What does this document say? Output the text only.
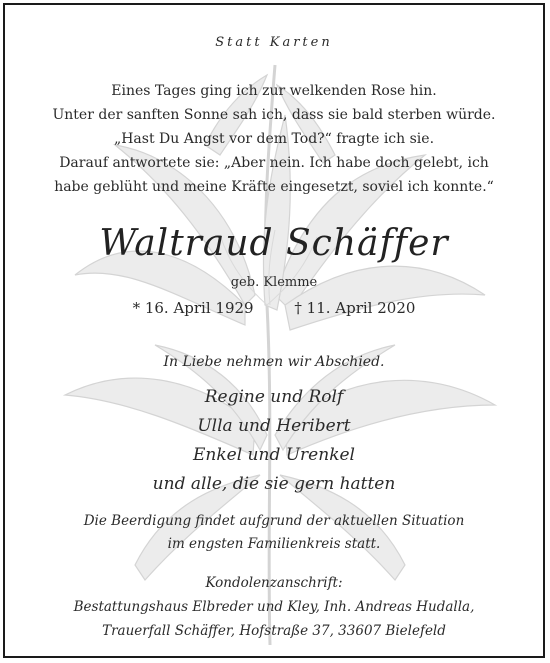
Statt Karten
Eines Tages ging ich zur welkenden Rose hin.
Unter der sanften Sonne sah ich, dass sie bald sterben würde.
„Hast Du Angst vor dem Tod?“ fragte ich sie.
Darauf antwortete sie: „Aber nein. Ich habe doch gelebt, ich
habe geblüht und meine Kräfte eingesetzt, soviel ich konnte.“
Waltraud Schäffer
geb. Klemme
* 16. April 1929	† 11. April 2020
In Liebe nehmen wir Abschied.
Regine und Rolf
Ulla und Heribert
Enkel und Urenkel
und alle, die sie gern hatten
Die Beerdigung findet aufgrund der aktuellen Situation
im engsten Familienkreis statt.
Kondolenzanschrift:
Bestattungshaus Elbreder und Kley, Inh. Andreas Hudalla,
Trauerfall Schäffer, Hofstraße 37, 33607 Bielefeld
